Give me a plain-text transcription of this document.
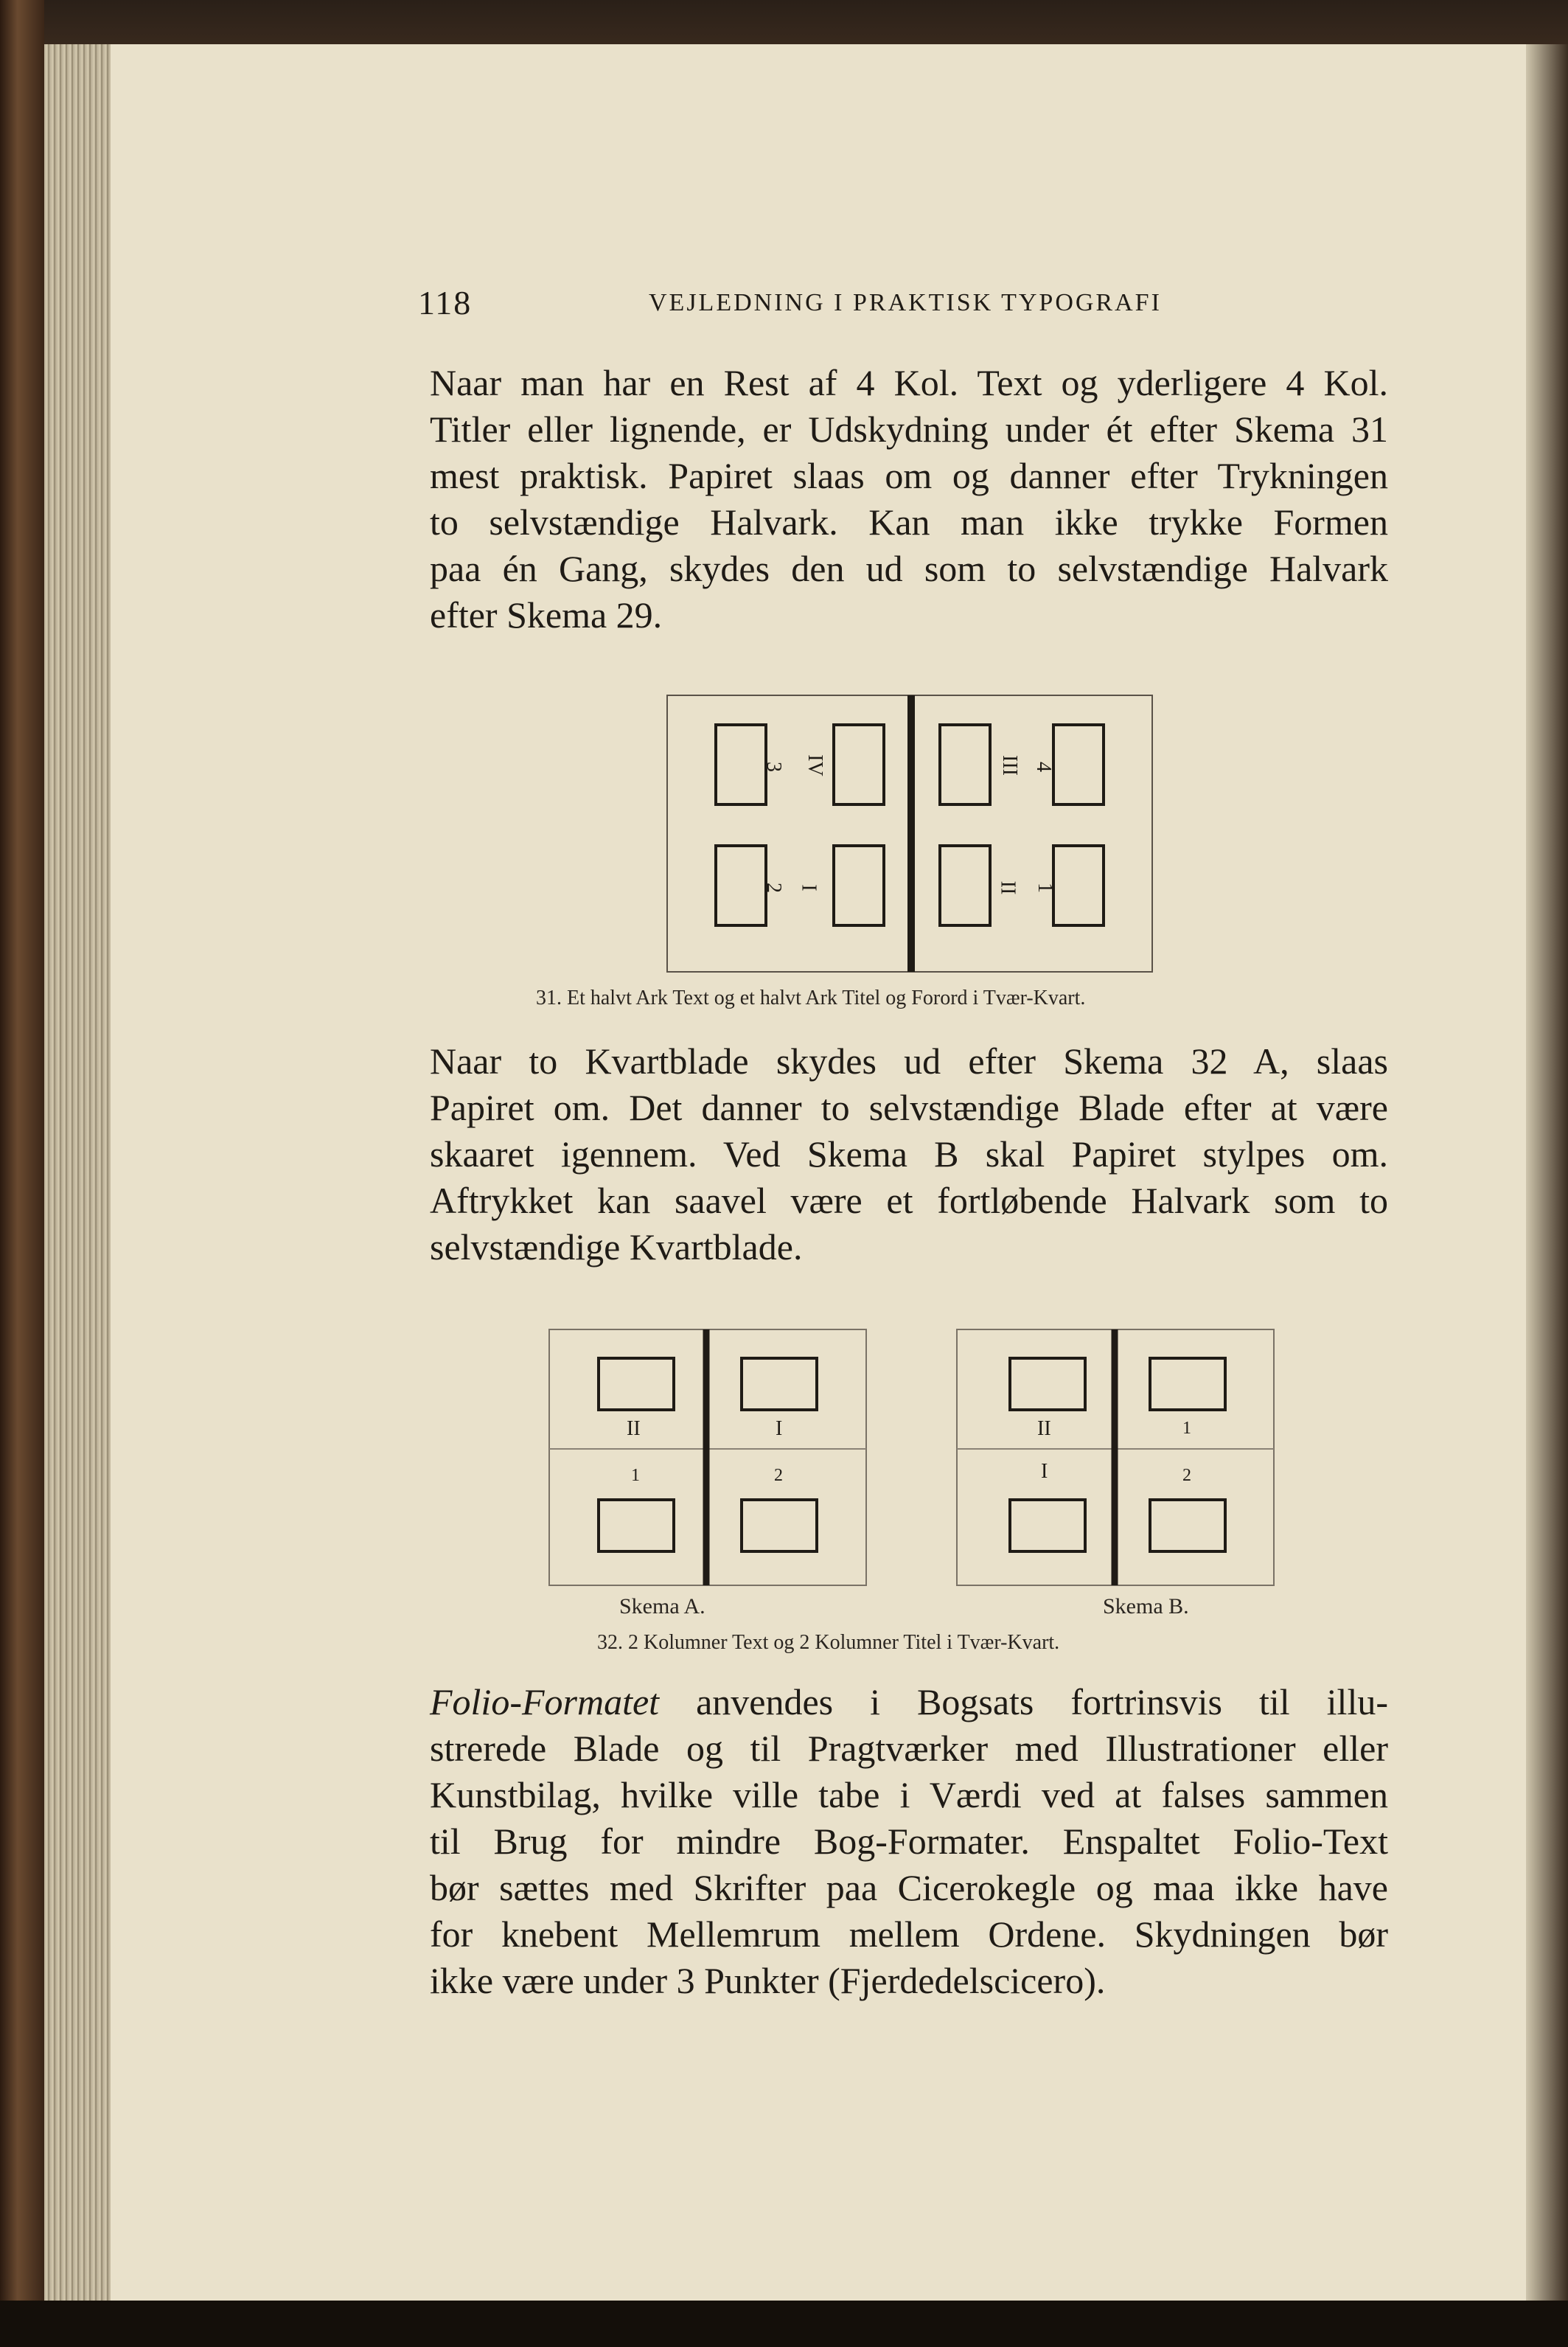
118	VEJLEDNING I PRAKTISK TYPOGRAFI
Naar man har en Rest af 4 Kol. Text og yderligere 4 Kol.
Titler eller lignende, er Udskydning under ét efter Skema 31
mest praktisk. Papiret slaas om og danner efter Trykningen
to selvstændige Halvark. Kan man ikke trykke Formen
paa én Gang, skydes den ud som to selvstændige Halvark
efter Skema 29.
3 IV	III 4
2 I	II 1
31. Et halvt Ark Text og et halvt Ark Titel og Forord i Tvær-Kvart.
Naar to Kvartblade skydes ud efter Skema 32 A, slaas
Papiret om. Det danner to selvstændige Blade efter at være
skaaret igennem. Ved Skema B skal Papiret stylpes om.
Aftrykket kan saavel være et fortløbende Halvark som to
selvstændige Kvartblade.
II	I
1	2
II	1
I	2
Skema A.	Skema B.
32. 2 Kolumner Text og 2 Kolumner Titel i Tvær-Kvart.
Folio-Formatet anvendes i Bogsats fortrinsvis til illu-
strerede Blade og til Pragtværker med Illustrationer eller
Kunstbilag, hvilke ville tabe i Værdi ved at falses sammen
til Brug for mindre Bog-Formater. Enspaltet Folio-Text
bør sættes med Skrifter paa Cicerokegle og maa ikke have
for knebent Mellemrum mellem Ordene. Skydningen bør
ikke være under 3 Punkter (Fjerdedelscicero).
